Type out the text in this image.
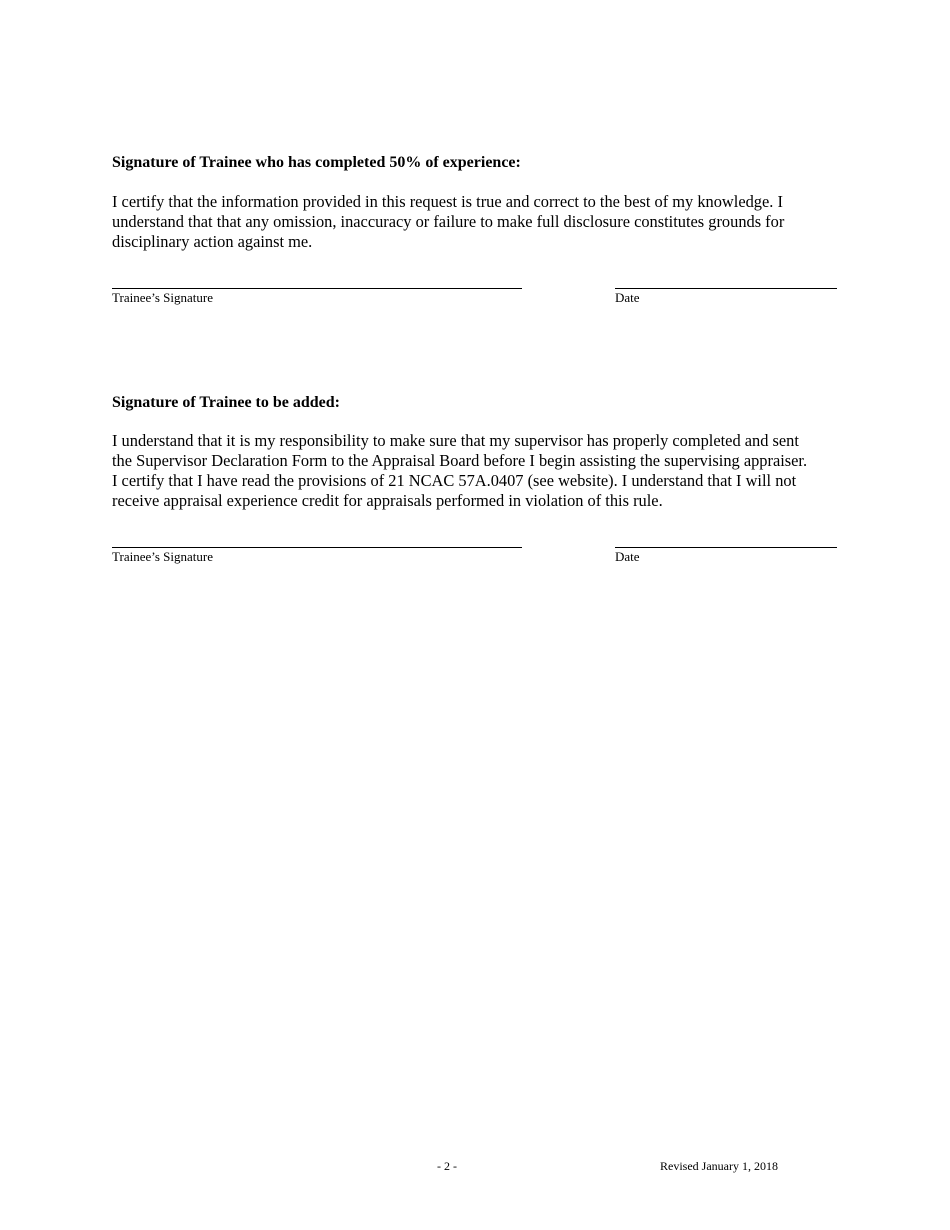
Signature of Trainee who has completed 50% of experience:

I certify that the information provided in this request is true and correct to the best of my knowledge. I
understand that that any omission, inaccuracy or failure to make full disclosure constitutes grounds for
disciplinary action against me.

Trainee’s Signature	Date
Signature of Trainee to be added:

I understand that it is my responsibility to make sure that my supervisor has properly completed and sent
the Supervisor Declaration Form to the Appraisal Board before I begin assisting the supervising appraiser.
I certify that I have read the provisions of 21 NCAC 57A.0407 (see website). I understand that I will not
receive appraisal experience credit for appraisals performed in violation of this rule.

Trainee’s Signature	Date
- 2 -	Revised January 1, 2018
